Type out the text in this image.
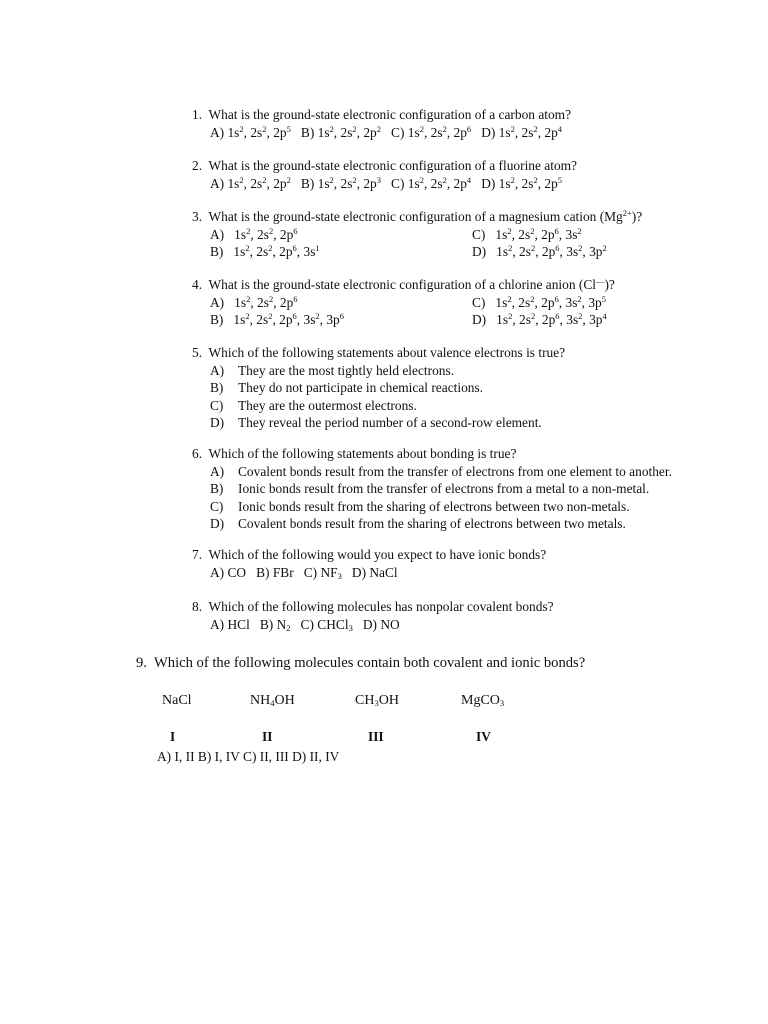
1. What is the ground-state electronic configuration of a carbon atom?
A) $1s^2$, $2s^2$, $2p^5$   B) $1s^2$, $2s^2$, $2p^2$   C) $1s^2$, $2s^2$, $2p^6$   D) $1s^2$, $2s^2$, $2p^4$
2. What is the ground-state electronic configuration of a fluorine atom?
A) $1s^2$, $2s^2$, $2p^2$   B) $1s^2$, $2s^2$, $2p^3$   C) $1s^2$, $2s^2$, $2p^4$   D) $1s^2$, $2s^2$, $2p^5$
3. What is the ground-state electronic configuration of a magnesium cation $(Mg^{2+})$?
A)   $1s^2$, $2s^2$, $2p^6$	C)   $1s^2$, $2s^2$, $2p^6$, $3s^2$
B)   $1s^2$, $2s^2$, $2p^6$, $3s^1$	D)   $1s^2$, $2s^2$, $2p^6$, $3s^2$, $3p^2$
4. What is the ground-state electronic configuration of a chlorine anion (Cl—)?
A)   $1s^2$, $2s^2$, $2p^6$	C)   $1s^2$, $2s^2$, $2p^6$, $3s^2$, $3p^5$
B)   $1s^2$, $2s^2$, $2p^6$, $3s^2$, $3p^6$	D)   $1s^2$, $2s^2$, $2p^6$, $3s^2$, $3p^4$
5. Which of the following statements about valence electrons is true?
A)	They are the most tightly held electrons.
B)	They do not participate in chemical reactions.
C)	They are the outermost electrons.
D)	They reveal the period number of a second-row element.
6. Which of the following statements about bonding is true?
A)	Covalent bonds result from the transfer of electrons from one element to another.
B)	Ionic bonds result from the transfer of electrons from a metal to a non-metal.
C)	Ionic bonds result from the sharing of electrons between two non-metals.
D)	Covalent bonds result from the sharing of electrons between two metals.
7. Which of the following would you expect to have ionic bonds?
A) CO   B) FBr   C) $NF_3$   D) NaCl
8. Which of the following molecules has nonpolar covalent bonds?
A) HCl   B) $N_2$   C) CHCl$_3$   D) NO
9. Which of the following molecules contain both covalent and ionic bonds?
NaCl	$NH_4OH$	$CH_3OH$	MgCO$_3$
I	II	III	IV
A) I, II B) I, IV C) II, III D) II, IV
